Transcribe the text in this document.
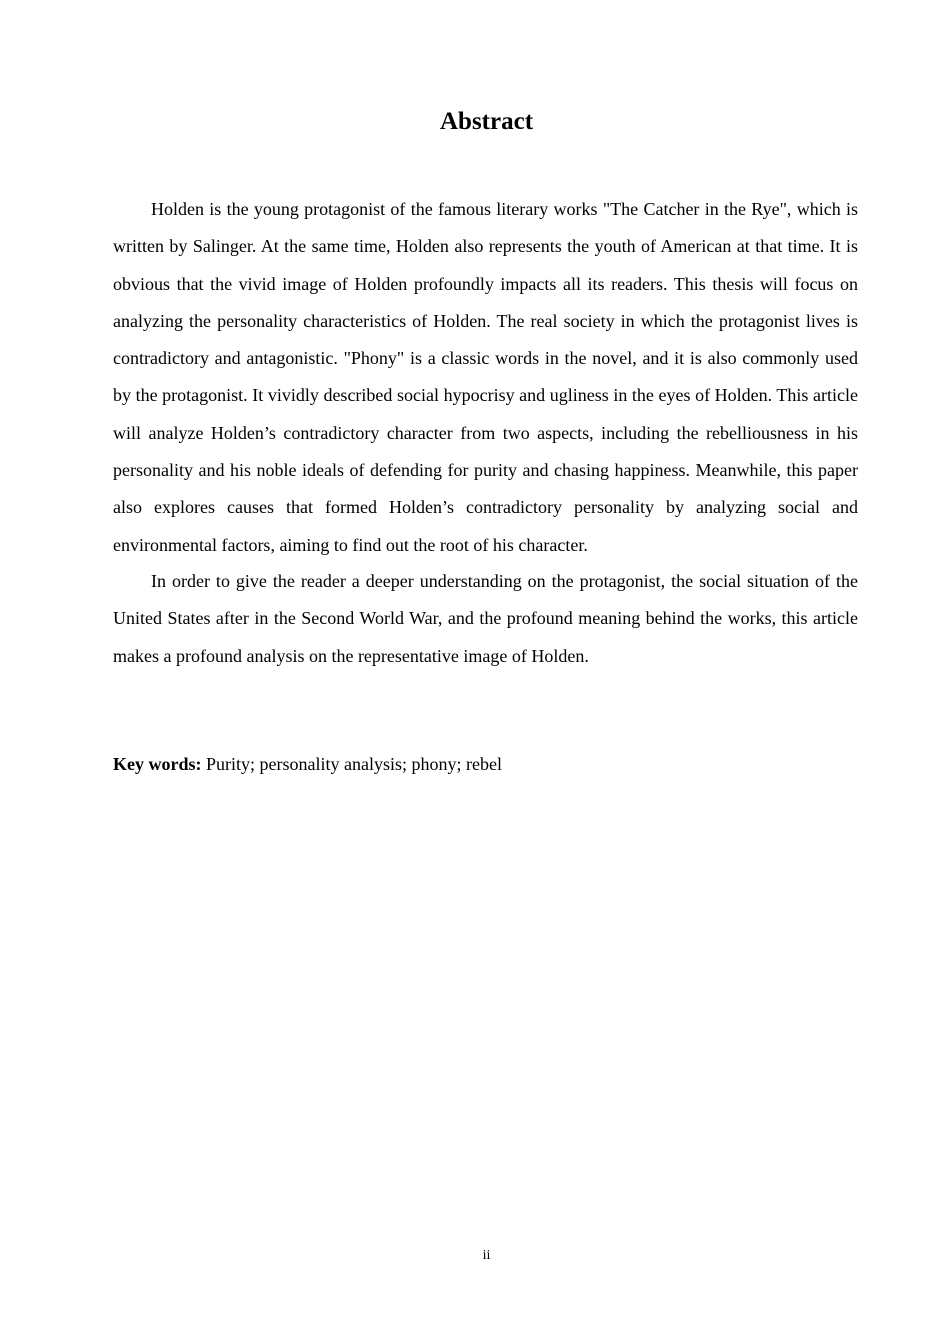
Abstract

Holden is the young protagonist of the famous literary works "The Catcher in the Rye", which is written by Salinger. At the same time, Holden also represents the youth of American at that time. It is obvious that the vivid image of Holden profoundly impacts all its readers. This thesis will focus on analyzing the personality characteristics of Holden. The real society in which the protagonist lives is contradictory and antagonistic. "Phony" is a classic words in the novel, and it is also commonly used by the protagonist. It vividly described social hypocrisy and ugliness in the eyes of Holden. This article will analyze Holden’s contradictory character from two aspects, including the rebelliousness in his personality and his noble ideals of defending for purity and chasing happiness. Meanwhile, this paper also explores causes that formed Holden’s contradictory personality by analyzing social and environmental factors, aiming to find out the root of his character.

In order to give the reader a deeper understanding on the protagonist, the social situation of the United States after in the Second World War, and the profound meaning behind the works, this article makes a profound analysis on the representative image of Holden.

Key words: Purity; personality analysis; phony; rebel

ii
